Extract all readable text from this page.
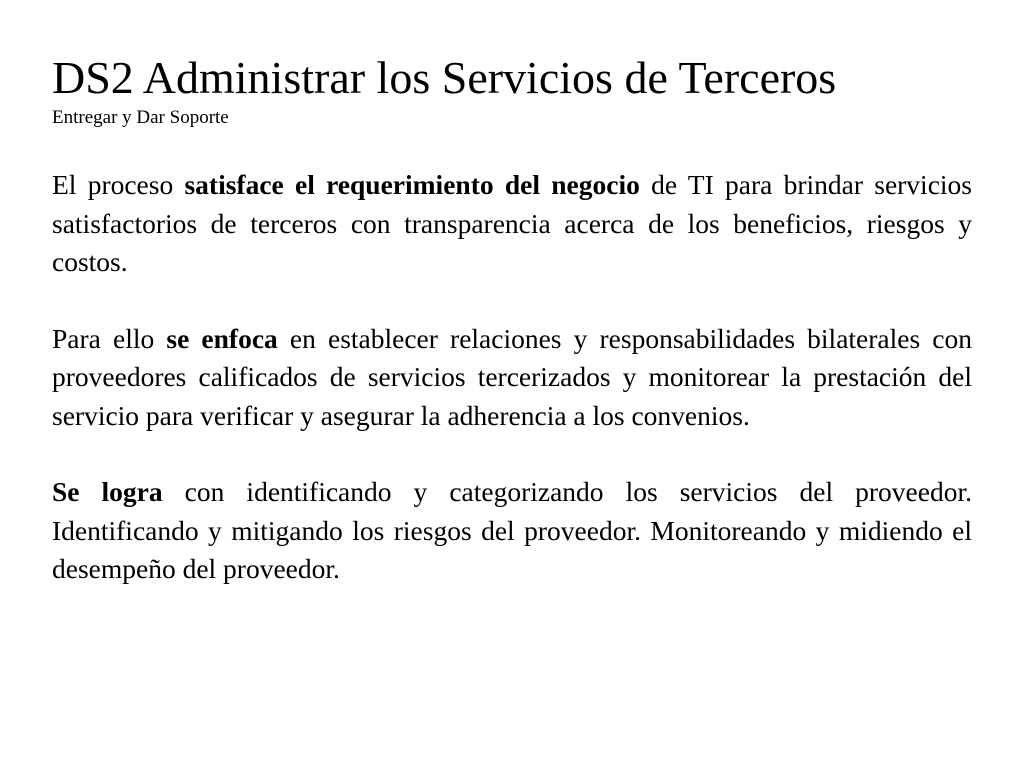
DS2 Administrar los Servicios de Terceros
Entregar y Dar Soporte

El proceso satisface el requerimiento del negocio de TI para brindar servicios satisfactorios de terceros con transparencia acerca de los beneficios, riesgos y costos.

Para ello se enfoca en establecer relaciones y responsabilidades bilaterales con proveedores calificados de servicios tercerizados y monitorear la prestación del servicio para verificar y asegurar la adherencia a los convenios.

Se logra con identificando y categorizando los servicios del proveedor. Identificando y mitigando los riesgos del proveedor. Monitoreando y midiendo el desempeño del proveedor.
